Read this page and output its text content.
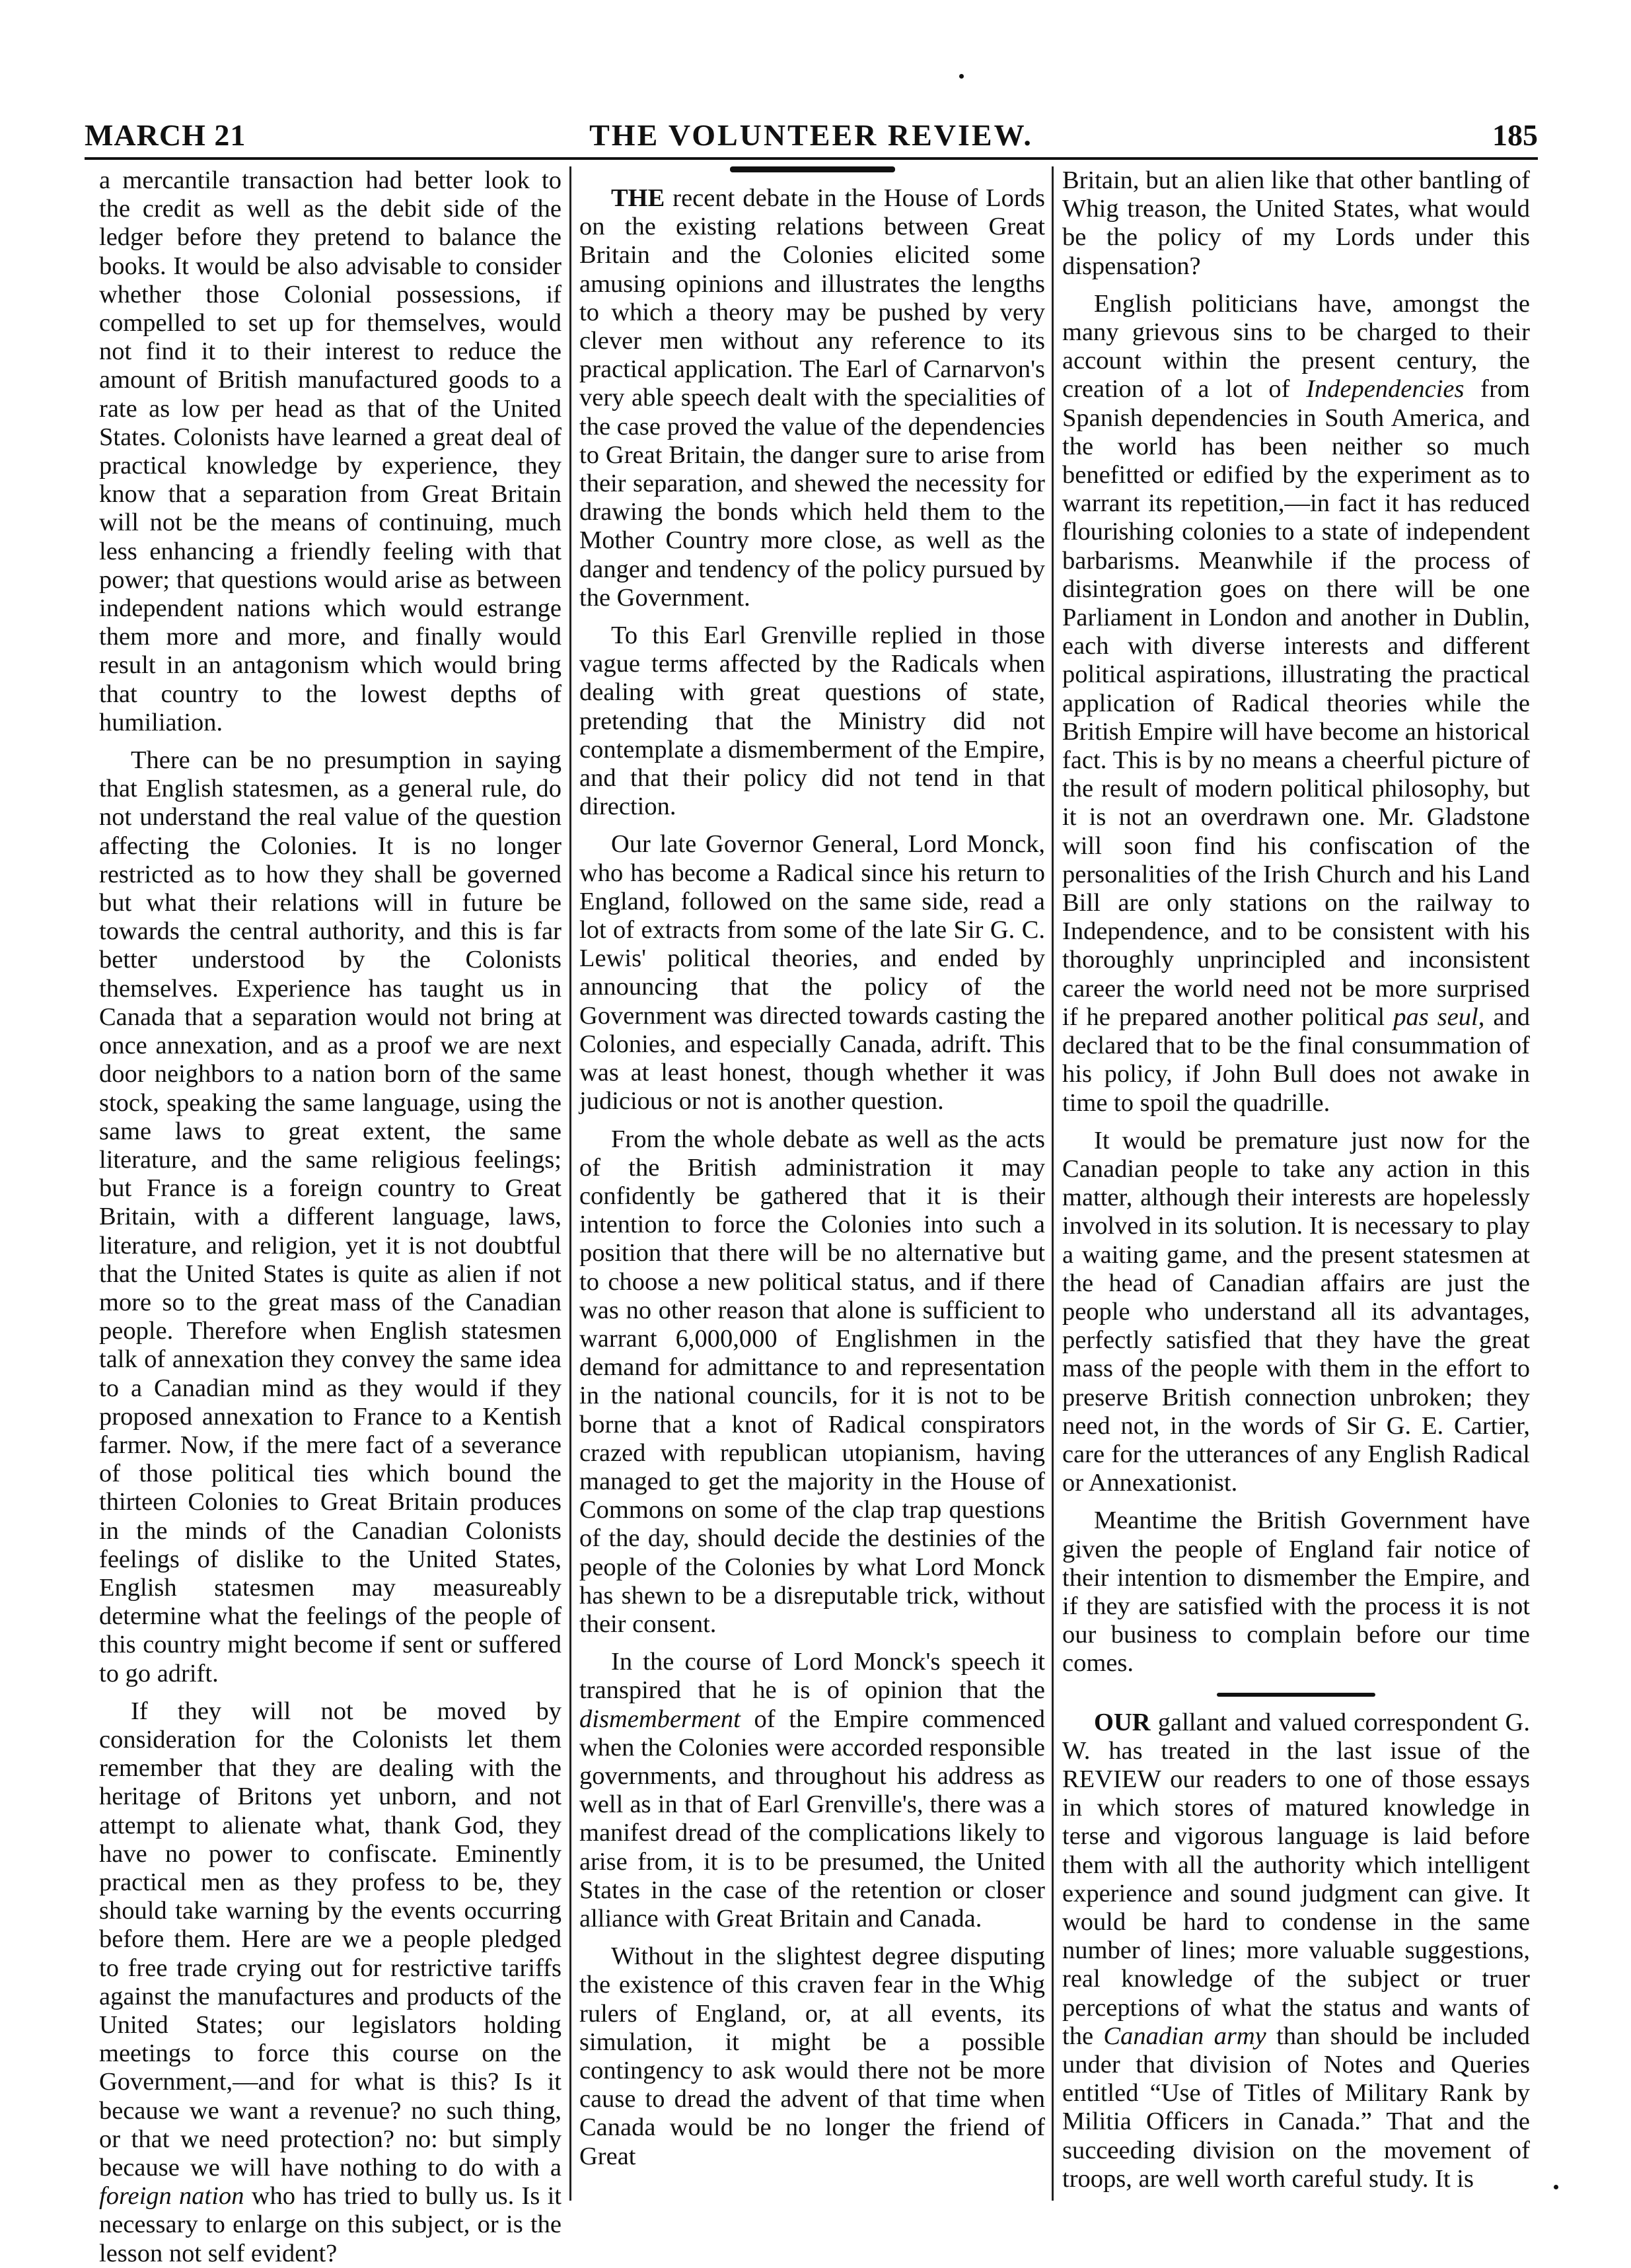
MARCH 21	THE VOLUNTEER REVIEW.	185

a mercantile transaction had better look to the credit as well as the debit side of the ledger before they pretend to balance the books. It would be also advisable to consider whether those Colonial possessions, if compelled to set up for themselves, would not find it to their interest to reduce the amount of British manufactured goods to a rate as low per head as that of the United States. Colonists have learned a great deal of practical knowledge by experience, they know that a separation from Great Britain will not be the means of continuing, much less enhancing a friendly feeling with that power; that questions would arise as between independent nations which would estrange them more and more, and finally would result in an antagonism which would bring that country to the lowest depths of humiliation.

There can be no presumption in saying that English statesmen, as a general rule, do not understand the real value of the question affecting the Colonies. It is no longer restricted as to how they shall be governed but what their relations will in future be towards the central authority, and this is far better understood by the Colonists themselves. Experience has taught us in Canada that a separation would not bring at once annexation, and as a proof we are next door neighbors to a nation born of the same stock, speaking the same language, using the same laws to great extent, the same literature, and the same religious feelings; but France is a foreign country to Great Britain, with a different language, laws, literature, and religion, yet it is not doubtful that the United States is quite as alien if not more so to the great mass of the Canadian people. Therefore when English statesmen talk of annexation they convey the same idea to a Canadian mind as they would if they proposed annexation to France to a Kentish farmer. Now, if the mere fact of a severance of those political ties which bound the thirteen Colonies to Great Britain produces in the minds of the Canadian Colonists feelings of dislike to the United States, English statesmen may measureably determine what the feelings of the people of this country might become if sent or suffered to go adrift.

If they will not be moved by consideration for the Colonists let them remember that they are dealing with the heritage of Britons yet unborn, and not attempt to alienate what, thank God, they have no power to confiscate. Eminently practical men as they profess to be, they should take warning by the events occurring before them. Here are we a people pledged to free trade crying out for restrictive tariffs against the manufactures and products of the United States; our legislators holding meetings to force this course on the Government,—and for what is this? Is it because we want a revenue? no such thing, or that we need protection? no: but simply because we will have nothing to do with a foreign nation who has tried to bully us. Is it necessary to enlarge on this subject, or is the lesson not self evident?

THE recent debate in the House of Lords on the existing relations between Great Britain and the Colonies elicited some amusing opinions and illustrates the lengths to which a theory may be pushed by very clever men without any reference to its practical application. The Earl of Carnarvon's very able speech dealt with the specialities of the case proved the value of the dependencies to Great Britain, the danger sure to arise from their separation, and shewed the necessity for drawing the bonds which held them to the Mother Country more close, as well as the danger and tendency of the policy pursued by the Government.

To this Earl Grenville replied in those vague terms affected by the Radicals when dealing with great questions of state, pretending that the Ministry did not contemplate a dismemberment of the Empire, and that their policy did not tend in that direction.

Our late Governor General, Lord Monck, who has become a Radical since his return to England, followed on the same side, read a lot of extracts from some of the late Sir G. C. Lewis' political theories, and ended by announcing that the policy of the Government was directed towards casting the Colonies, and especially Canada, adrift. This was at least honest, though whether it was judicious or not is another question.

From the whole debate as well as the acts of the British administration it may confidently be gathered that it is their intention to force the Colonies into such a position that there will be no alternative but to choose a new political status, and if there was no other reason that alone is sufficient to warrant 6,000,000 of Englishmen in the demand for admittance to and representation in the national councils, for it is not to be borne that a knot of Radical conspirators crazed with republican utopianism, having managed to get the majority in the House of Commons on some of the clap trap questions of the day, should decide the destinies of the people of the Colonies by what Lord Monck has shewn to be a disreputable trick, without their consent.

In the course of Lord Monck's speech it transpired that he is of opinion that the dismemberment of the Empire commenced when the Colonies were accorded responsible governments, and throughout his address as well as in that of Earl Grenville's, there was a manifest dread of the complications likely to arise from, it is to be presumed, the United States in the case of the retention or closer alliance with Great Britain and Canada.

Without in the slightest degree disputing the existence of this craven fear in the Whig rulers of England, or, at all events, its simulation, it might be a possible contingency to ask would there not be more cause to dread the advent of that time when Canada would be no longer the friend of Great

Britain, but an alien like that other bantling of Whig treason, the United States, what would be the policy of my Lords under this dispensation?

English politicians have, amongst the many grievous sins to be charged to their account within the present century, the creation of a lot of Independencies from Spanish dependencies in South America, and the world has been neither so much benefitted or edified by the experiment as to warrant its repetition,—in fact it has reduced flourishing colonies to a state of independent barbarisms. Meanwhile if the process of disintegration goes on there will be one Parliament in London and another in Dublin, each with diverse interests and different political aspirations, illustrating the practical application of Radical theories while the British Empire will have become an historical fact. This is by no means a cheerful picture of the result of modern political philosophy, but it is not an overdrawn one. Mr. Gladstone will soon find his confiscation of the personalities of the Irish Church and his Land Bill are only stations on the railway to Independence, and to be consistent with his thoroughly unprincipled and inconsistent career the world need not be more surprised if he prepared another political pas seul, and declared that to be the final consummation of his policy, if John Bull does not awake in time to spoil the quadrille.

It would be premature just now for the Canadian people to take any action in this matter, although their interests are hopelessly involved in its solution. It is necessary to play a waiting game, and the present statesmen at the head of Canadian affairs are just the people who understand all its advantages, perfectly satisfied that they have the great mass of the people with them in the effort to preserve British connection unbroken; they need not, in the words of Sir G. E. Cartier, care for the utterances of any English Radical or Annexationist.

Meantime the British Government have given the people of England fair notice of their intention to dismember the Empire, and if they are satisfied with the process it is not our business to complain before our time comes.

OUR gallant and valued correspondent G. W. has treated in the last issue of the REVIEW our readers to one of those essays in which stores of matured knowledge in terse and vigorous language is laid before them with all the authority which intelligent experience and sound judgment can give. It would be hard to condense in the same number of lines; more valuable suggestions, real knowledge of the subject or truer perceptions of what the status and wants of the Canadian army than should be included under that division of Notes and Queries entitled “Use of Titles of Military Rank by Militia Officers in Canada.” That and the succeeding division on the movement of troops, are well worth careful study. It is
